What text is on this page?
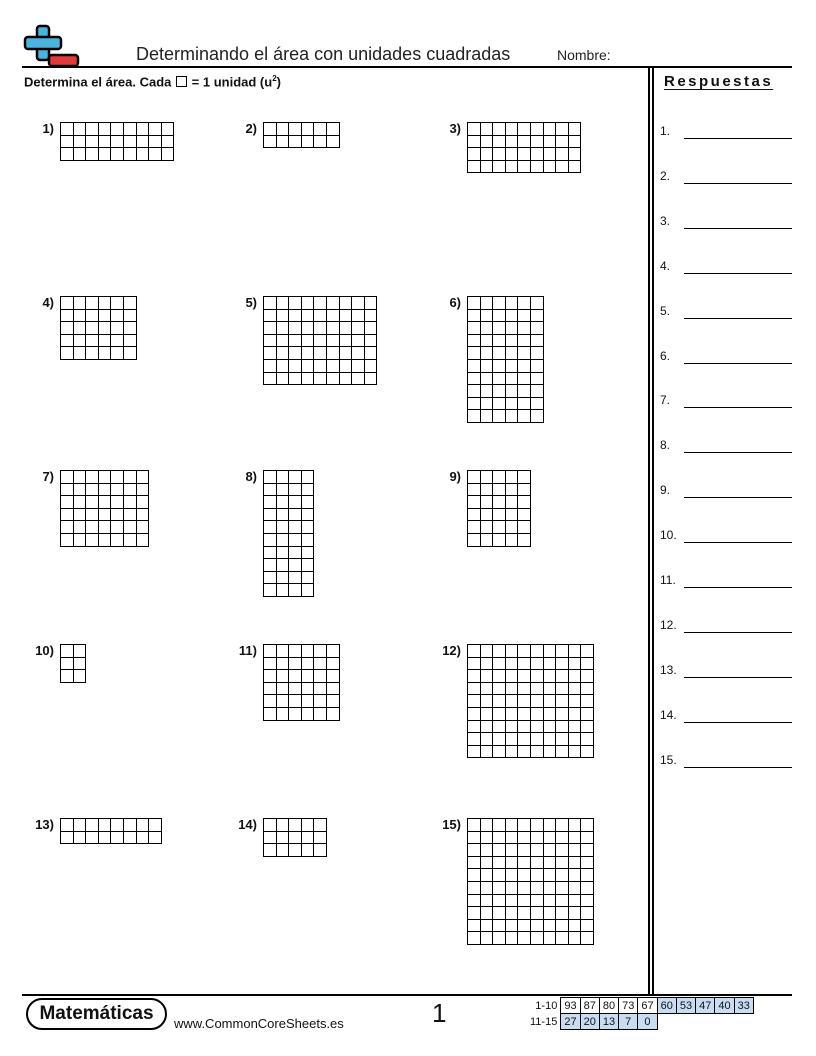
Determinando el área con unidades cuadradas	Nombre:
Determina el área. Cada = 1 unidad $(u^2)$	Respuestas
1.
2.
3.
4.
5.
6.
7.
8.
9.
10.
11.
12.
13.
14.
15.
1)	2)	3)
4)	5)	6)
7)	8)	9)
10)	11)	12)
13)	14)	15)
Matemáticas	www.CommonCoreSheets.es	1	1-10	93	87	80	73	67	60	53	47	40	33
11-15	27	20	13	7	0					
